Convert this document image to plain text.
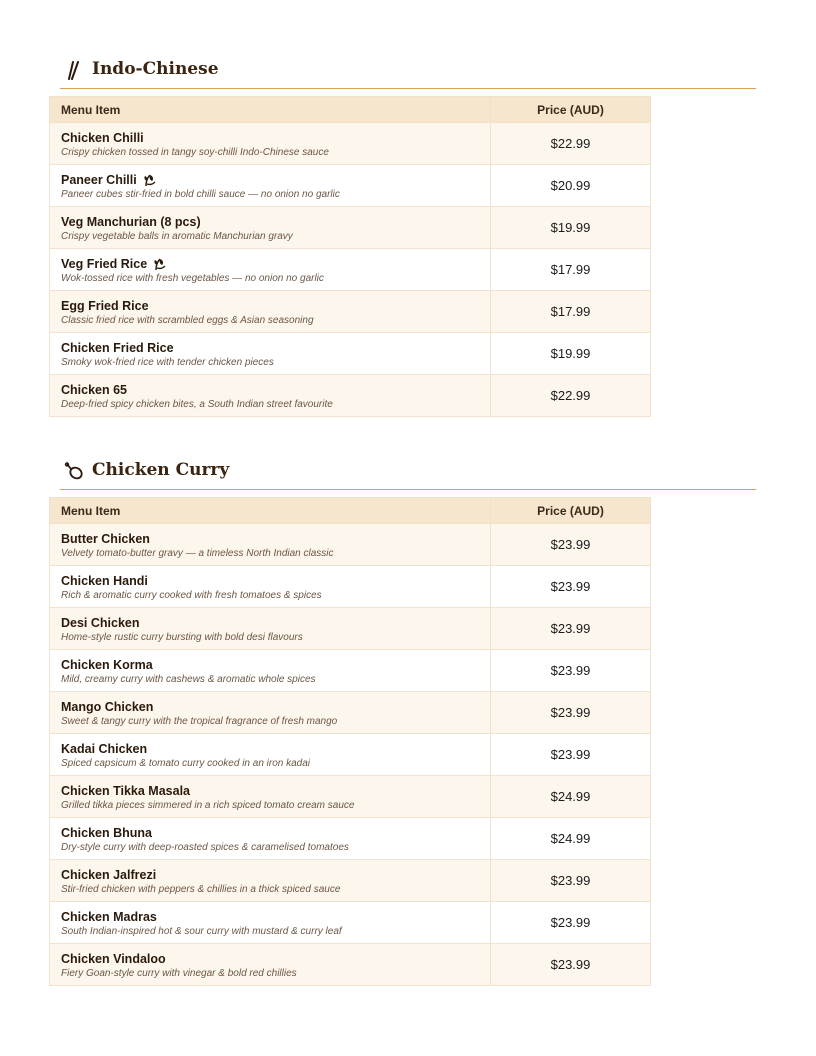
Indo-Chinese
Menu Item	Price (AUD)

Chicken Chilli
Crispy chicken tossed in tangy soy-chilli Indo-Chinese sauce	$22.99

Paneer Chilli
Paneer cubes stir-fried in bold chilli sauce — no onion no garlic	$20.99

Veg Manchurian (8 pcs)
Crispy vegetable balls in aromatic Manchurian gravy	$19.99

Veg Fried Rice
Wok-tossed rice with fresh vegetables — no onion no garlic	$17.99

Egg Fried Rice
Classic fried rice with scrambled eggs & Asian seasoning	$17.99

Chicken Fried Rice
Smoky wok-fried rice with tender chicken pieces	$19.99

Chicken 65
Deep-fried spicy chicken bites, a South Indian street favourite	$22.99
Chicken Curry
Menu Item	Price (AUD)

Butter Chicken
Velvety tomato-butter gravy — a timeless North Indian classic	$23.99

Chicken Handi
Rich & aromatic curry cooked with fresh tomatoes & spices	$23.99

Desi Chicken
Home-style rustic curry bursting with bold desi flavours	$23.99

Chicken Korma
Mild, creamy curry with cashews & aromatic whole spices	$23.99

Mango Chicken
Sweet & tangy curry with the tropical fragrance of fresh mango	$23.99

Kadai Chicken
Spiced capsicum & tomato curry cooked in an iron kadai	$23.99

Chicken Tikka Masala
Grilled tikka pieces simmered in a rich spiced tomato cream sauce	$24.99

Chicken Bhuna
Dry-style curry with deep-roasted spices & caramelised tomatoes	$24.99

Chicken Jalfrezi
Stir-fried chicken with peppers & chillies in a thick spiced sauce	$23.99

Chicken Madras
South Indian-inspired hot & sour curry with mustard & curry leaf	$23.99

Chicken Vindaloo
Fiery Goan-style curry with vinegar & bold red chillies	$23.99
